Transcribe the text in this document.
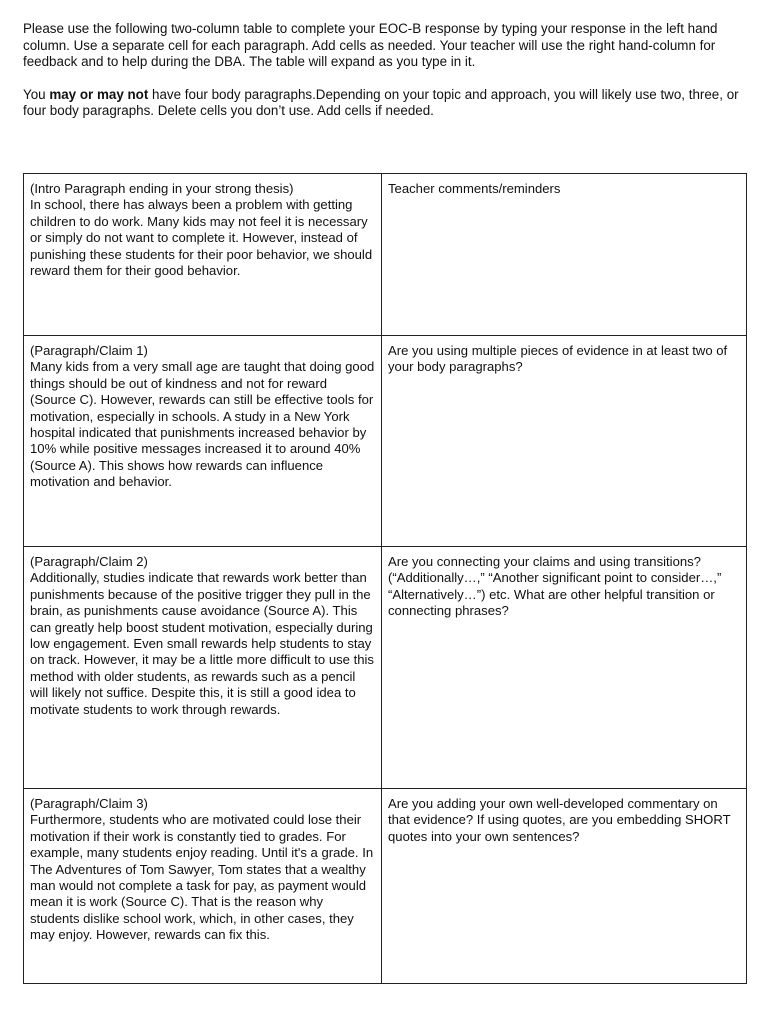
Please use the following two-column table to complete your EOC-B response by typing your response in the left hand column. Use a separate cell for each paragraph. Add cells as needed. Your teacher will use the right hand-column for feedback and to help during the DBA. The table will expand as you type in it.

You may or may not have four body paragraphs.Depending on your topic and approach, you will likely use two, three, or four body paragraphs. Delete cells you don’t use. Add cells if needed.

(Intro Paragraph ending in your strong thesis)
In school, there has always been a problem with getting children to do work. Many kids may not feel it is necessary or simply do not want to complete it. However, instead of punishing these students for their poor behavior, we should reward them for their good behavior.	Teacher comments/reminders

(Paragraph/Claim 1)
Many kids from a very small age are taught that doing good things should be out of kindness and not for reward (Source C). However, rewards can still be effective tools for motivation, especially in schools. A study in a New York hospital indicated that punishments increased behavior by 10% while positive messages increased it to around 40% (Source A). This shows how rewards can influence motivation and behavior.	Are you using multiple pieces of evidence in at least two of your body paragraphs?

(Paragraph/Claim 2)
Additionally, studies indicate that rewards work better than punishments because of the positive trigger they pull in the brain, as punishments cause avoidance (Source A). This can greatly help boost student motivation, especially during low engagement. Even small rewards help students to stay on track. However, it may be a little more difficult to use this method with older students, as rewards such as a pencil will likely not suffice. Despite this, it is still a good idea to motivate students to work through rewards.	Are you connecting your claims and using transitions? (“Additionally…,” “Another significant point to consider…,” “Alternatively…”) etc. What are other helpful transition or connecting phrases?

(Paragraph/Claim 3)
Furthermore, students who are motivated could lose their motivation if their work is constantly tied to grades. For example, many students enjoy reading. Until it's a grade. In The Adventures of Tom Sawyer, Tom states that a wealthy man would not complete a task for pay, as payment would mean it is work (Source C). That is the reason why students dislike school work, which, in other cases, they may enjoy. However, rewards can fix this.	Are you adding your own well-developed commentary on that evidence? If using quotes, are you embedding SHORT quotes into your own sentences?
